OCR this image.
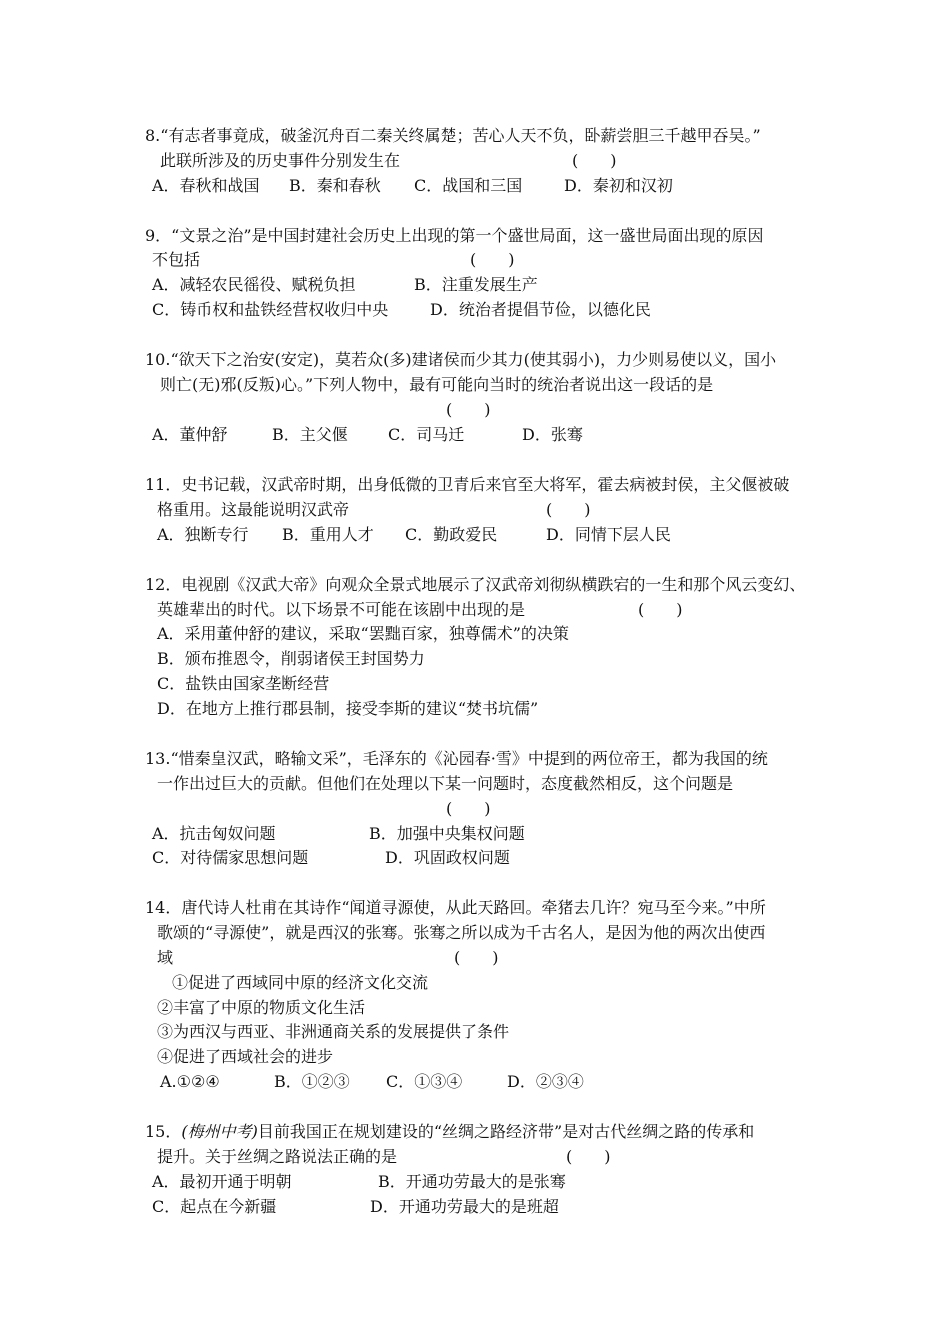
8.“有志者事竟成，破釜沉舟百二秦关终属楚；苦心人天不负，卧薪尝胆三千越甲吞吴。”
此联所涉及的历史事件分别发生在	(　　)
A．春秋和战国 B．秦和春秋 C．战国和三国	D．秦初和汉初
9．“文景之治”是中国封建社会历史上出现的第一个盛世局面，这一盛世局面出现的原因
不包括	(　　)
A．减轻农民徭役、赋税负担	B．注重发展生产
C．铸币权和盐铁经营权收归中央	D．统治者提倡节俭，以德化民
10.“欲天下之治安(安定)，莫若众(多)建诸侯而少其力(使其弱小)，力少则易使以义，国小
则亡(无)邪(反叛)心。”下列人物中，最有可能向当时的统治者说出这一段话的是
(　　)
A．董仲舒	B．主父偃	C．司马迁	D．张骞
11．史书记载，汉武帝时期，出身低微的卫青后来官至大将军，霍去病被封侯，主父偃被破
格重用。这最能说明汉武帝	(　　)
A．独断专行 B．重用人才 C．勤政爱民	D．同情下层人民
12．电视剧《汉武大帝》向观众全景式地展示了汉武帝刘彻纵横跌宕的一生和那个风云变幻、
英雄辈出的时代。以下场景不可能在该剧中出现的是	(　　)
A．采用董仲舒的建议，采取“罢黜百家，独尊儒术”的决策
B．颁布推恩令，削弱诸侯王封国势力
C．盐铁由国家垄断经营
D．在地方上推行郡县制，接受李斯的建议“焚书坑儒”
13.“惜秦皇汉武，略输文采”，毛泽东的《沁园春·雪》中提到的两位帝王，都为我国的统
一作出过巨大的贡献。但他们在处理以下某一问题时，态度截然相反，这个问题是
(　　)
A．抗击匈奴问题	B．加强中央集权问题
C．对待儒家思想问题	D．巩固政权问题
14．唐代诗人杜甫在其诗作“闻道寻源使，从此天路回。牵猪去几许？宛马至今来。”中所
歌颂的“寻源使”，就是西汉的张骞。张骞之所以成为千古名人，是因为他的两次出使西
域	(　　)
①促进了西域同中原的经济文化交流
②丰富了中原的物质文化生活
③为西汉与西亚、非洲通商关系的发展提供了条件
④促进了西域社会的进步
A.①②④	B．①②③ C．①③④	D．②③④
15．(梅州中考)目前我国正在规划建设的“丝绸之路经济带”是对古代丝绸之路的传承和
提升。关于丝绸之路说法正确的是	(　　)
A．最初开通于明朝	B．开通功劳最大的是张骞
C．起点在今新疆	D．开通功劳最大的是班超
